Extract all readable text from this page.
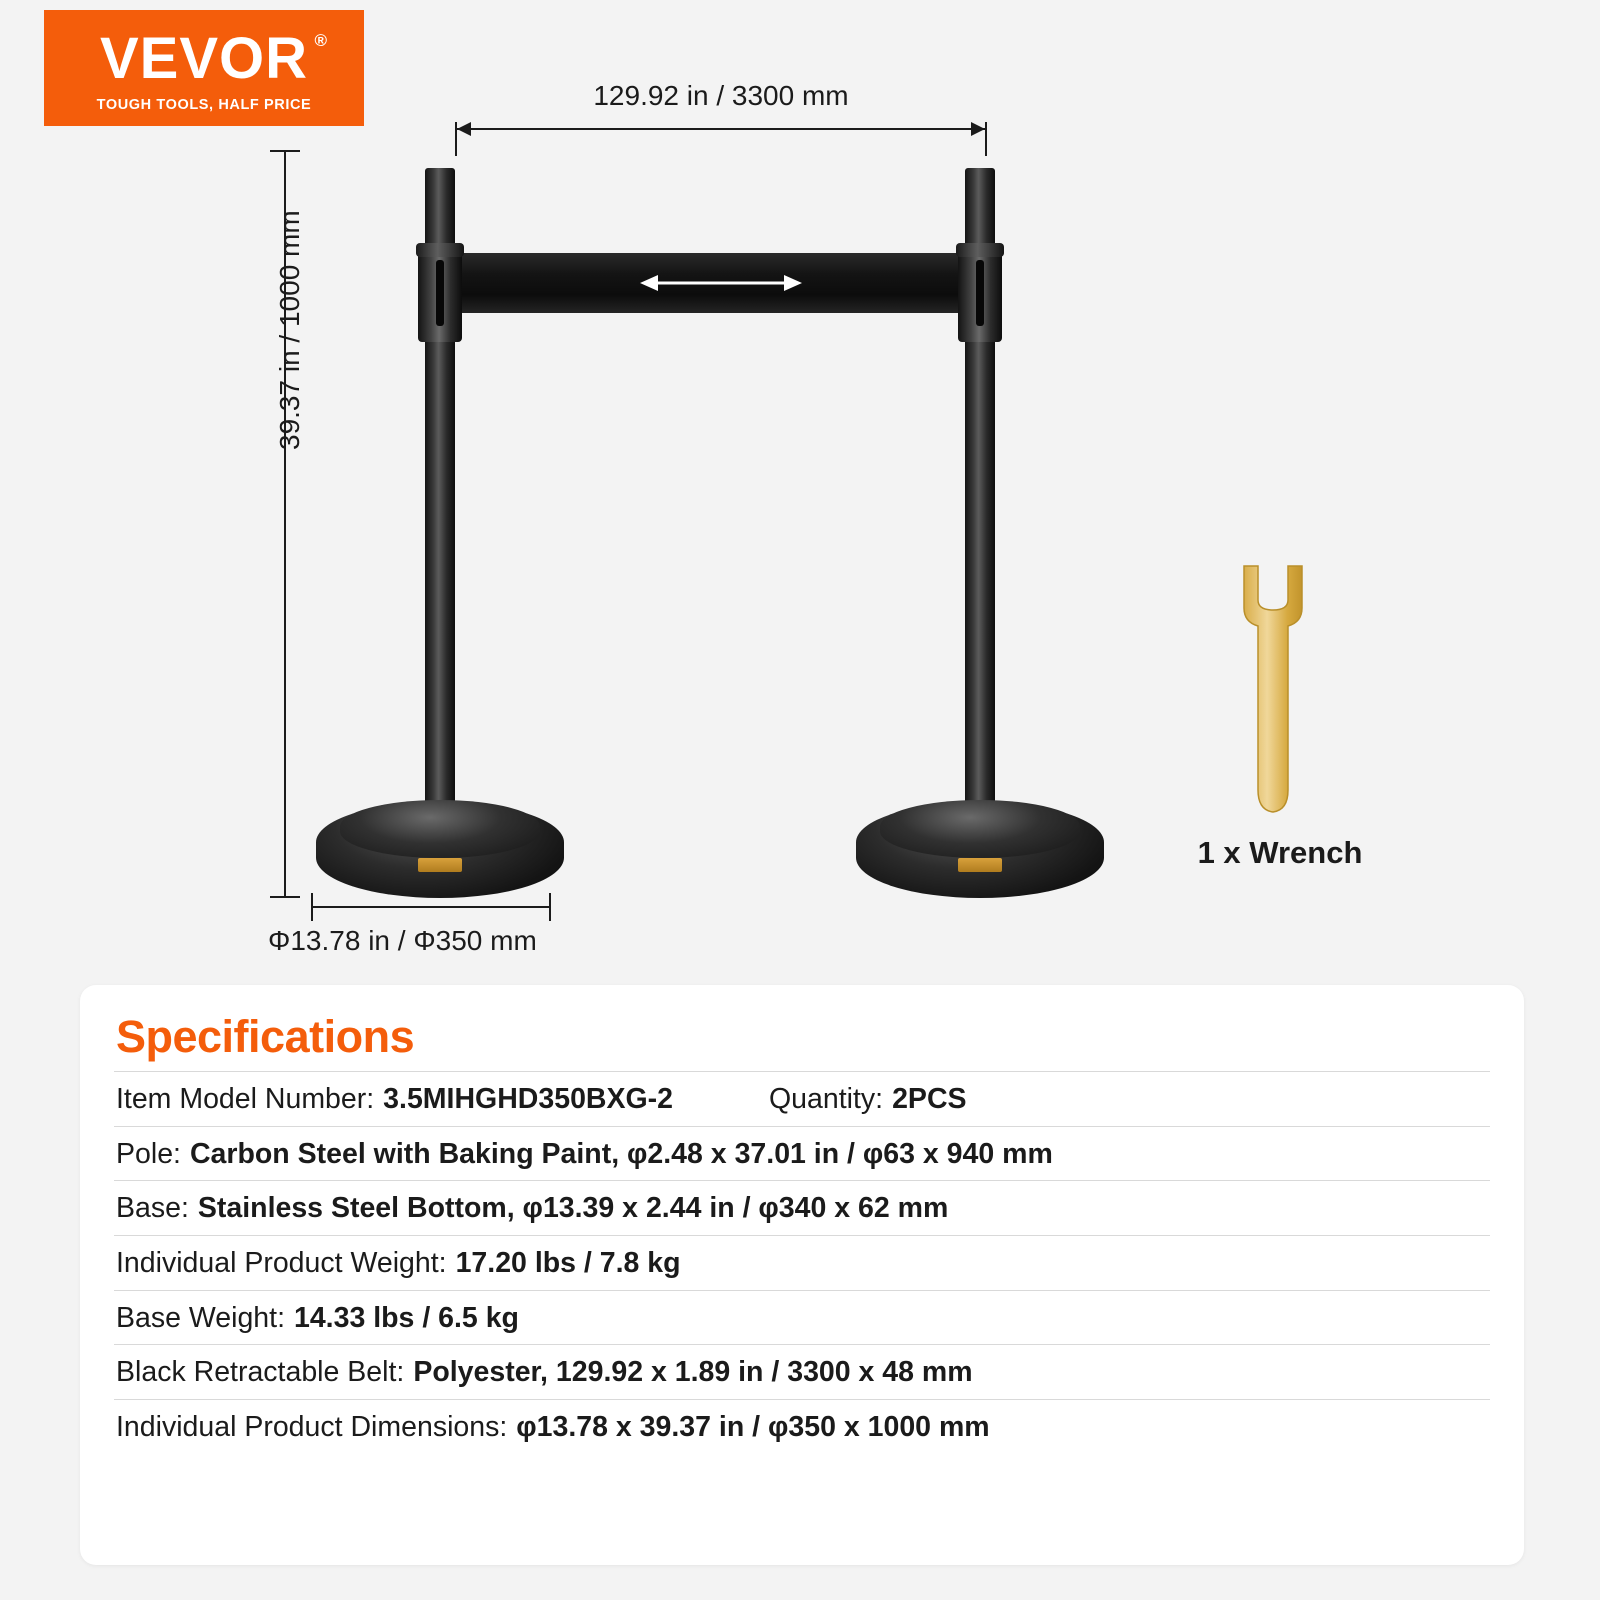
VEVOR ®
TOUGH TOOLS, HALF PRICE	129.92 in / 3300 mm
39.37 in / 1000 mm
Φ13.78 in / Φ350 mm
1 x Wrench
Specifications
Item Model Number: 3.5MIHGHD350BXG-2	Quantity: 2PCS
Pole: Carbon Steel with Baking Paint, φ2.48 x 37.01 in / φ63 x 940 mm
Base: Stainless Steel Bottom, φ13.39 x 2.44 in / φ340 x 62 mm
Individual Product Weight: 17.20 lbs / 7.8 kg
Base Weight: 14.33 lbs / 6.5 kg
Black Retractable Belt: Polyester, 129.92 x 1.89 in / 3300 x 48 mm
Individual Product Dimensions: φ13.78 x 39.37 in / φ350 x 1000 mm
